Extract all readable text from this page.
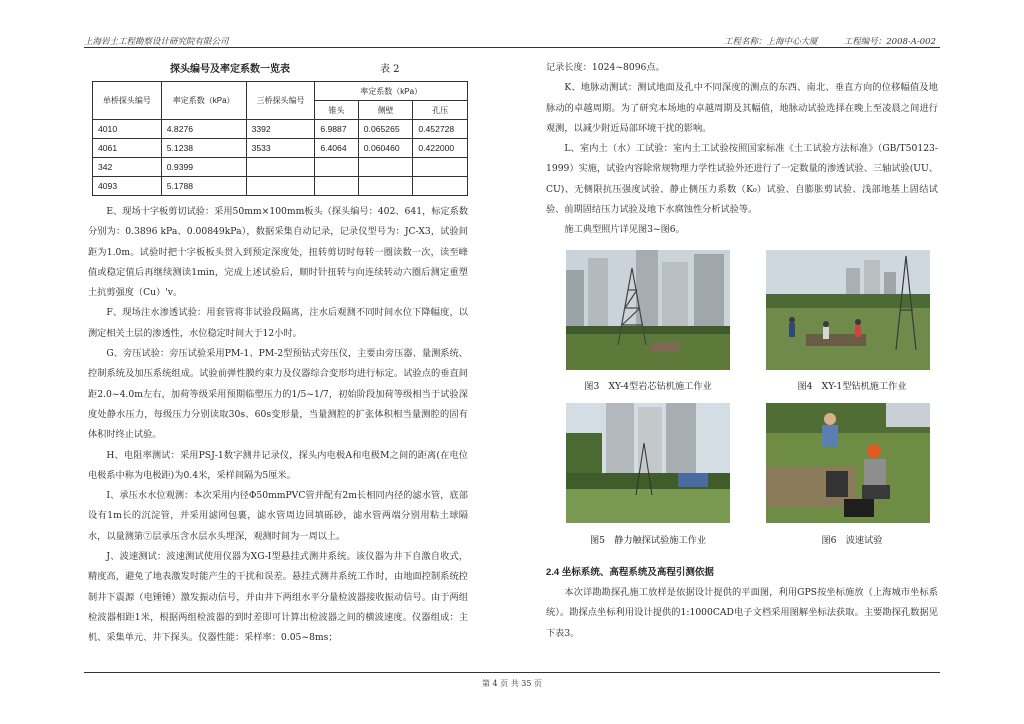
上海岩土工程勘察设计研究院有限公司	工程名称：上海中心大厦	工程编号：2008-A-002
探头编号及率定系数一览表	表 2
单桥探头编号	率定系数（kPa）	三桥探头编号	率定系数（kPa）		
			锥头	侧壁	孔压
4010	4.8276	3392	6.9887	0.065265	0.452728
4061	5.1238	3533	6.4064	0.060460	0.422000
342	0.9399				
4093	5.1788				

E、现场十字板剪切试验：采用50mm×100mm板头（探头编号：402、641，标定系数分别为：0.3896 kPa、0.00849kPa），数据采集自动记录，记录仪型号为：JC-X3，试验间距为1.0m。试验时把十字板板头贯入到预定深度处，扭转剪切时每转一圈读数一次，读至峰值或稳定值后再继续测读1min，完成上述试验后，顺时针扭转与向连续转动六圈后测定重塑土抗剪强度（Cu）'v。

F、现场注水渗透试验：用套管将非试验段隔离，注水后观测不同时间水位下降幅度，以测定相关土层的渗透性，水位稳定时间大于12小时。

G、旁压试验：旁压试验采用PM-1、PM-2型预钻式旁压仪，主要由旁压器、量测系统、控制系统及加压系统组成。试验前弹性膜约束力及仪器综合变形均进行标定。试验点的垂直间距2.0~4.0m左右，加荷等级采用预期临塑压力的1/5~1/7，初始阶段加荷等级相当于试验深度处静水压力，每级压力分别读取30s、60s变形量，当量测腔的扩张体积相当量测腔的固有体积时终止试验。

H、电阻率测试：采用PSJ-1数字测井记录仪，探头内电极A和电极M之间的距离(在电位电极系中称为电极距)为0.4米，采样间隔为5厘米。

I、承压水水位观测：本次采用内径Φ50mmPVC管并配有2m长相同内径的滤水管，底部设有1m长的沉淀管，并采用滤网包裹，滤水管周边回填砾砂，滤水管两端分别用粘土球隔水，以量测第⑦层承压含水层水头埋深，观测时间为一周以上。

J、波速测试：波速测试使用仪器为XG-I型悬挂式测井系统。该仪器为井下自激自收式，精度高，避免了地表激发时能产生的干扰和误差。悬挂式测井系统工作时，由地面控制系统控制井下震源（电锤锤）激发振动信号，并由井下两组水平分量检波器接收振动信号。由于两组检波器相距1米，根据两组检波器的到时差即可计算出检波器之间的横波速度。仪器组成：主机、采集单元、井下探头。仪器性能：采样率：0.05~8ms；

记录长度：1024~8096点。

K、地脉动测试：测试地面及孔中不同深度的测点的东西、南北、垂直方向的位移幅值及地脉动的卓越周期。为了研究本场地的卓越周期及其幅值，地脉动试验选择在晚上至凌晨之间进行观测，以减少附近局部环境干扰的影响。

L、室内土（水）工试验：室内土工试验按照国家标准《土工试验方法标准》（GB/T50123-1999）实施，试验内容除常规物理力学性试验外还进行了一定数量的渗透试验、三轴试验(UU、CU)、无侧限抗压强度试验、静止侧压力系数（K₀）试验、自膨胀剪试验、浅部地基上固结试验、前期固结压力试验及地下水腐蚀性分析试验等。

施工典型照片详见图3~图6。

图3　XY-4型岩芯钻机施工作业	图4　XY-1型钻机施工作业
图5　静力触探试验施工作业	图6　波速试验
2.4 坐标系统、高程系统及高程引测依据

本次详勘勘探孔施工放样是依据设计提供的平面图，利用GPS按坐标施放（上海城市坐标系统）。勘探点坐标利用设计提供的1:1000CAD电子文档采用图解坐标法获取。主要勘探孔数据见下表3。

第 4 页 共 35 页
